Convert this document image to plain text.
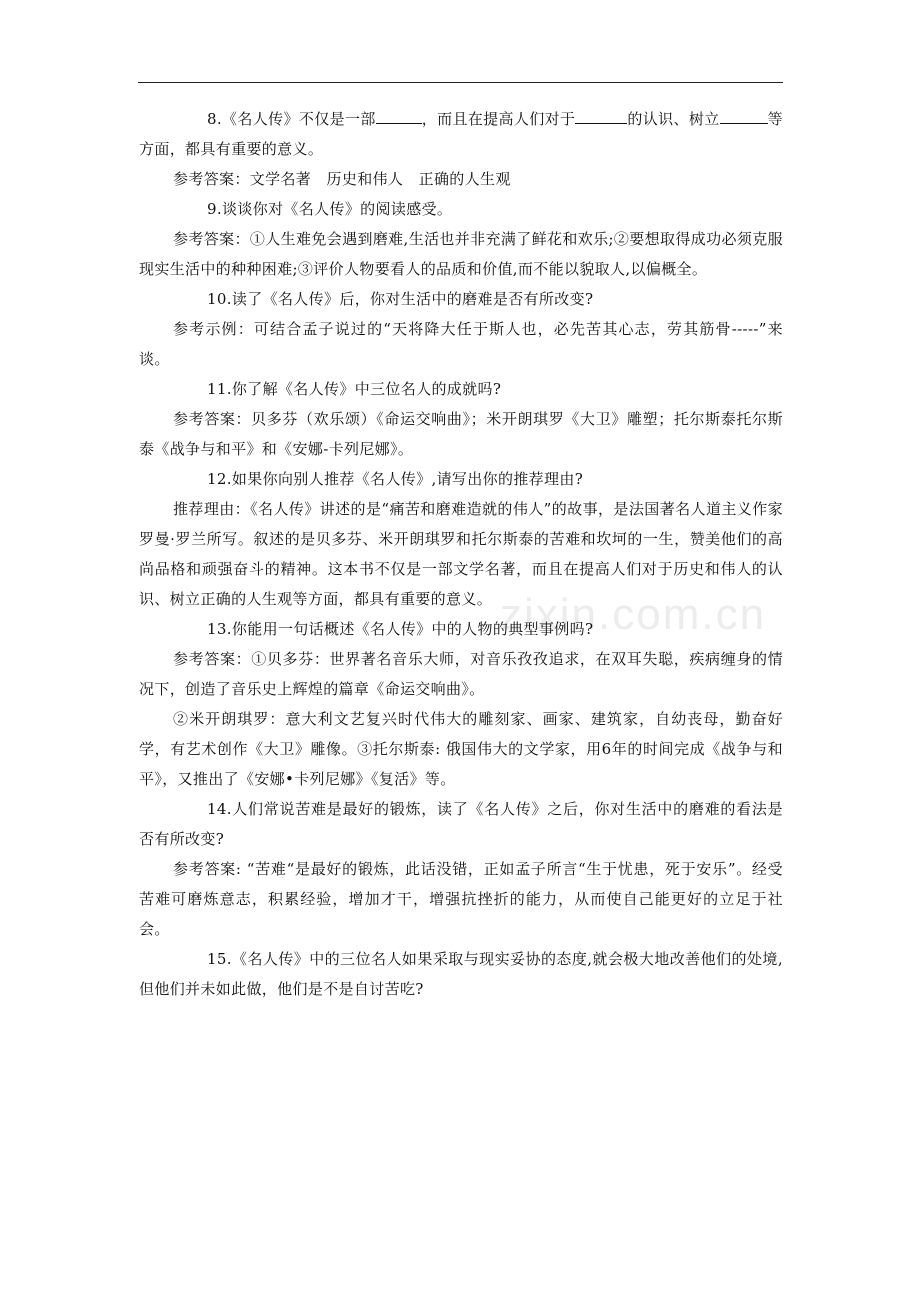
zixin.com.cn

8.《名人传》不仅是一部	，而且在提高人们对于	的认识、树立	等方面，都具有重要的意义。

参考答案：文学名著　历史和伟人　正确的人生观

9.谈谈你对《名人传》的阅读感受。

参考答案：①人生难免会遇到磨难,生活也并非充满了鲜花和欢乐;②要想取得成功必须克服现实生活中的种种困难;③评价人物要看人的品质和价值,而不能以貌取人,以偏概全。

10.读了《名人传》后，你对生活中的磨难是否有所改变?

参考示例：可结合孟子说过的“天将降大任于斯人也，必先苦其心志，劳其筋骨-----”来谈。

11.你了解《名人传》中三位名人的成就吗?

参考答案：贝多芬（欢乐颂）《命运交响曲》；米开朗琪罗《大卫》雕塑；托尔斯泰托尔斯泰《战争与和平》和《安娜-卡列尼娜》。

12.如果你向别人推荐《名人传》,请写出你的推荐理由?

推荐理由：《名人传》讲述的是“痛苦和磨难造就的伟人”的故事，是法国著名人道主义作家罗曼·罗兰所写。叙述的是贝多芬、米开朗琪罗和托尔斯泰的苦难和坎坷的一生，赞美他们的高尚品格和顽强奋斗的精神。这本书不仅是一部文学名著，而且在提高人们对于历史和伟人的认识、树立正确的人生观等方面，都具有重要的意义。

13.你能用一句话概述《名人传》中的人物的典型事例吗?

参考答案：①贝多芬：世界著名音乐大师，对音乐孜孜追求，在双耳失聪，疾病缠身的情况下，创造了音乐史上辉煌的篇章《命运交响曲》。

②米开朗琪罗：意大利文艺复兴时代伟大的雕刻家、画家、建筑家，自幼丧母，勤奋好学，有艺术创作《大卫》雕像。③托尔斯泰: 俄国伟大的文学家，用6年的时间完成《战争与和平》，又推出了《安娜•卡列尼娜》《复活》等。

14.人们常说苦难是最好的锻炼，读了《名人传》之后，你对生活中的磨难的看法是否有所改变?

参考答案: “苦难“是最好的锻炼，此话没错，正如孟子所言“生于忧患，死于安乐”。经受苦难可磨炼意志，积累经验，增加才干，增强抗挫折的能力，从而使自己能更好的立足于社会。

15.《名人传》中的三位名人如果采取与现实妥协的态度,就会极大地改善他们的处境,但他们并未如此做，他们是不是自讨苦吃?
